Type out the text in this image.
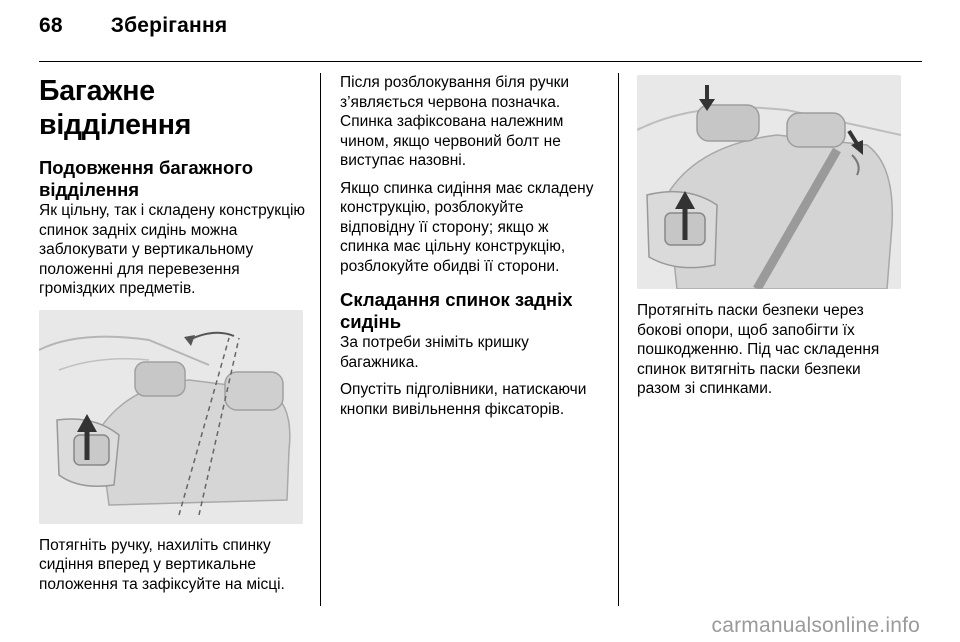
68 Зберігання
Багажне відділення
Подовження багажного відділення

Як цільну, так і складену конструкцію спинок задніх сидінь можна заблокувати у вертикальному положенні для перевезення громіздких предметів.

Потягніть ручку, нахиліть спинку сидіння вперед у вертикальне положення та зафіксуйте на місці.

Після розблокування біля ручки з’являється червона позначка. Спинка зафіксована належним чином, якщо червоний болт не виступає назовні.

Якщо спинка сидіння має складену конструкцію, розблокуйте відповідну її сторону; якщо ж спинка має цільну конструкцію, розблокуйте обидві її сторони.

Складання спинок задніх сидінь

За потреби зніміть кришку багажника.

Опустіть підголівники, натискаючи кнопки вивільнення фіксаторів.

Протягніть паски безпеки через бокові опори, щоб запобігти їх пошкодженню. Під час складення спинок витягніть паски безпеки разом зі спинками.

carmanualsonline.info
